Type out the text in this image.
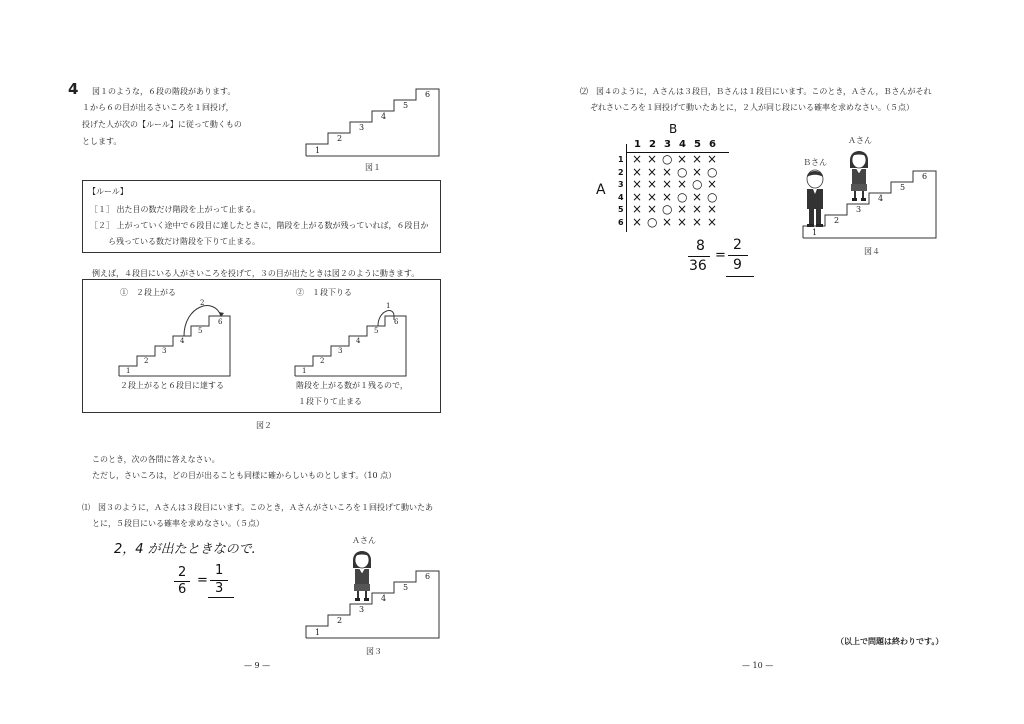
4 図１のような，６段の階段があります。
１から６の目が出るさいころを１回投げ，
投げた人が次の【ルール】に従って動くもの
とします。
1
2
3
4
5
6
図１
【ルール】
［１］ 出た目の数だけ階段を上がって止まる。
［２］ 上がっていく途中で６段目に達したときに，階段を上がる数が残っていれば，６段目か
ら残っている数だけ階段を下りて止まる。
例えば，４段目にいる人がさいころを投げて，３の目が出たときは図２のように動きます。
①　２段上がる	②　１段下りる
2
1
2
3
4
5
6
1
1
2
3
4
5
6
２段上がると６段目に達する	階段を上がる数が１残るので，
１段下りて止まる
図２
このとき，次の各問に答えなさい。
ただし，さいころは，どの目が出ることも同様に確からしいものとします。（10 点）
⑴　図３のように，Ａさんは３段目にいます。このとき，Ａさんがさいころを１回投げて動いたあ
とに，５段目にいる確率を求めなさい。（５点）
2，4 が出たときなので.
2
6
=
1
3
Ａさん
1
2
3
4
5
6
図３
— 9 —
⑵　図４のように，Ａさんは３段目，Ｂさんは１段目にいます。このとき，Ａさん，Ｂさんがそれ
ぞれさいころを１回投げて動いたあとに，２人が同じ段にいる確率を求めなさい。（５点）
B
A
1 2 3 4 5 6
1
2
3
4
5
6
× × ○ × × ×
× × × ○ × ○
× × × × ○ ×
× × × ○ × ○
× × ○ × × ×
× ○ × × × ×
8
36
=
2
9
Ａさん
Ｂさん
1
2
3
4
5
6
図４
（以上で問題は終わりです。）
— 10 —
